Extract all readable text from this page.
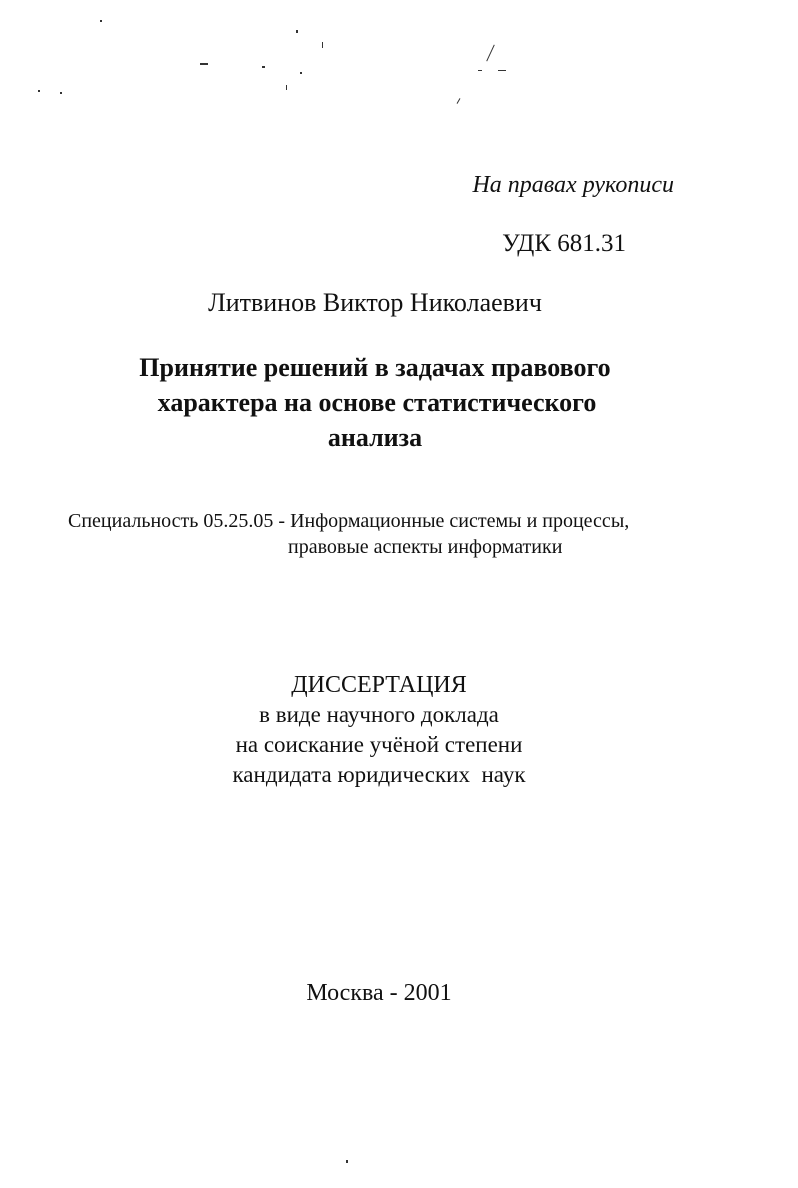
На правах рукописи
УДК 681.31
Литвинов Виктор Николаевич
Принятие решений в задачах правового
характера на основе статистического
анализа
Специальность 05.25.05 - Информационные системы и процессы,
правовые аспекты информатики
ДИССЕРТАЦИЯ
в виде научного доклада
на соискание учёной степени
кандидата юридических  наук
Москва - 2001
